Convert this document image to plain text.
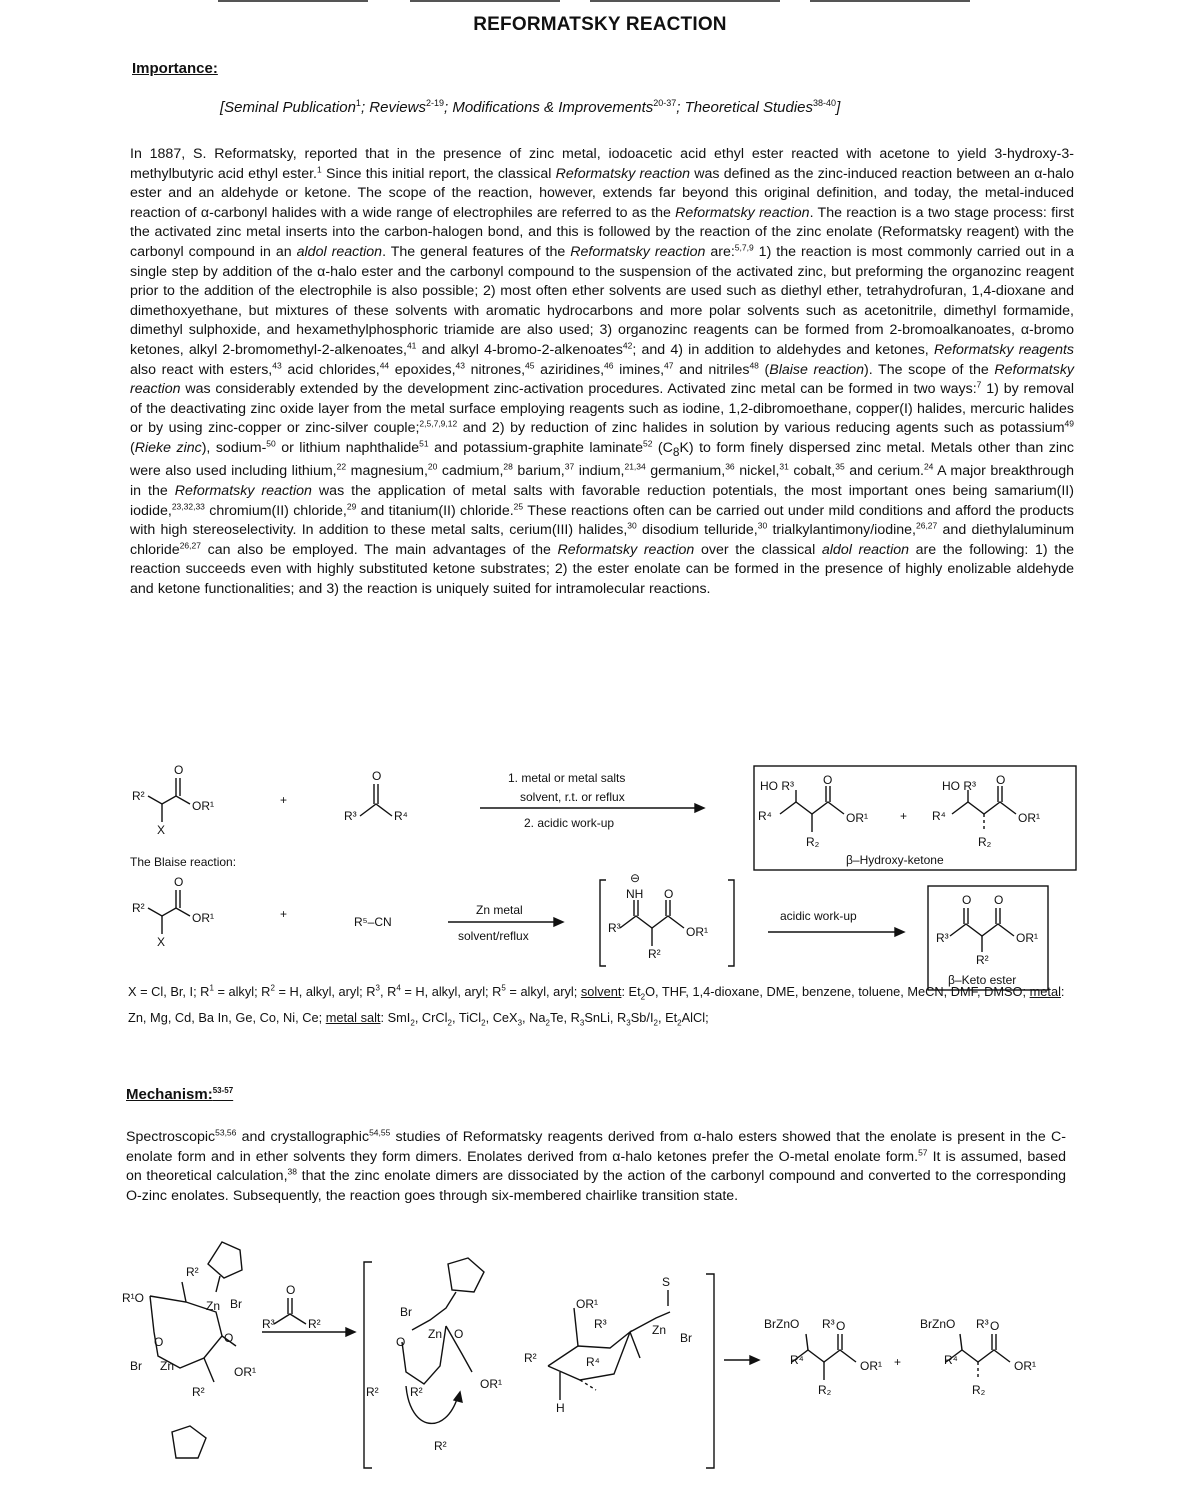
REFORMATSKY REACTION
Importance:
[Seminal Publication$^1$; Reviews$^{2-19}$; Modifications & Improvements$^{20-37}$; Theoretical Studies$^{38-40}$]
In 1887, S. Reformatsky, reported that in the presence of zinc metal, iodoacetic acid ethyl ester reacted with acetone to yield 3-hydroxy-3-methylbutyric acid ethyl ester.$^1$ Since this initial report, the classical Reformatsky reaction was defined as the zinc-induced reaction between an α-halo ester and an aldehyde or ketone. The scope of the reaction, however, extends far beyond this original definition, and today, the metal-induced reaction of α-carbonyl halides with a wide range of electrophiles are referred to as the Reformatsky reaction. The reaction is a two stage process: first the activated zinc metal inserts into the carbon-halogen bond, and this is followed by the reaction of the zinc enolate (Reformatsky reagent) with the carbonyl compound in an aldol reaction. The general features of the Reformatsky reaction are:$^{5,7,9}$ 1) the reaction is most commonly carried out in a single step by addition of the α-halo ester and the carbonyl compound to the suspension of the activated zinc, but preforming the organozinc reagent prior to the addition of the electrophile is also possible; 2) most often ether solvents are used such as diethyl ether, tetrahydrofuran, 1,4-dioxane and dimethoxyethane, but mixtures of these solvents with aromatic hydrocarbons and more polar solvents such as acetonitrile, dimethyl formamide, dimethyl sulphoxide, and hexamethylphosphoric triamide are also used; 3) organozinc reagents can be formed from 2-bromoalkanoates, α-bromo ketones, alkyl 2-bromomethyl-2-alkenoates,$^{41}$ and alkyl 4-bromo-2-alkenoates$^{42}$; and 4) in addition to aldehydes and ketones, Reformatsky reagents also react with esters,$^{43}$ acid chlorides,$^{44}$ epoxides,$^{43}$ nitrones,$^{45}$ aziridines,$^{46}$ imines,$^{47}$ and nitriles$^{48}$ (Blaise reaction). The scope of the Reformatsky reaction was considerably extended by the development zinc-activation procedures. Activated zinc metal can be formed in two ways:$^7$ 1) by removal of the deactivating zinc oxide layer from the metal surface employing reagents such as iodine, 1,2-dibromoethane, copper(I) halides, mercuric halides or by using zinc-copper or zinc-silver couple;$^{2,5,7,9,12}$ and 2) by reduction of zinc halides in solution by various reducing agents such as potassium$^{49}$ (Rieke zinc), sodium-$^{50}$ or lithium naphthalide$^{51}$ and potassium-graphite laminate$^{52}$ $(C_8K)$ to form finely dispersed zinc metal. Metals other than zinc were also used including lithium,$^{22}$ magnesium,$^{20}$ cadmium,$^{28}$ barium,$^{37}$ indium,$^{21,34}$ germanium,$^{36}$ nickel,$^{31}$ cobalt,$^{35}$ and cerium.$^{24}$ A major breakthrough in the Reformatsky reaction was the application of metal salts with favorable reduction potentials, the most important ones being samarium(II) iodide,$^{23,32,33}$ chromium(II) chloride,$^{29}$ and titanium(II) chloride.$^{25}$ These reactions often can be carried out under mild conditions and afford the products with high stereoselectivity. In addition to these metal salts, cerium(III) halides,$^{30}$ disodium telluride,$^{30}$ trialkylantimony/iodine,$^{26,27}$ and diethylaluminum chloride$^{26,27}$ can also be employed. The main advantages of the Reformatsky reaction over the classical aldol reaction are the following: 1) the reaction succeeds even with highly substituted ketone substrates; 2) the ester enolate can be formed in the presence of highly enolizable aldehyde and ketone functionalities; and 3) the reaction is uniquely suited for intramolecular reactions.
R²
O
OR¹
X
+
O
R³	R⁴
1. metal or metal salts
solvent, r.t. or reflux
2. acidic work-up
HO R³ O
R⁴	OR¹
R₂
+
HO R³ O
R⁴	OR¹
R₂
β–Hydroxy-ketone
The Blaise reaction:
R²
O
OR¹
X
+
R⁵–CN
Zn metal
solvent/reflux
⊖
NH O
R³	OR¹
R²
acidic work-up
O O
R³	OR¹
R²
β–Keto ester
X = Cl, Br, I; $R^1$ = alkyl; $R^2 = H$, alkyl, aryl; $R^3$, $R^4 = H$, alkyl, aryl; $R^5$ = alkyl, aryl; solvent: $Et_2O$, THF, 1,4-dioxane, DME, benzene, toluene, MeCN, DMF, DMSO; metal: Zn, Mg, Cd, Ba In, Ge, Co, Ni, Ce; metal salt: SmI$_2$, CrCl$_2$, TiCl$_2$, CeX$_3$, $Na_2Te$, $R_3SnLi$, $R_3Sb/I_2$, $Et_2AlCl$;
Mechanism:$^{53-57}$
Spectroscopic$^{53,56}$ and crystallographic$^{54,55}$ studies of Reformatsky reagents derived from α-halo esters showed that the enolate is present in the C-enolate form and in ether solvents they form dimers. Enolates derived from α-halo ketones prefer the O-metal enolate form.$^{57}$ It is assumed, based on theoretical calculation,$^{38}$ that the zinc enolate dimers are dissociated by the action of the carbonyl compound and converted to the corresponding O-zinc enolates. Subsequently, the reaction goes through six-membered chairlike transition state.
R²
R¹O
Zn Br
O
O
Br Zn	OR¹
R²
O
R³	R²
Br
Zn
O
O
R²	R²
OR¹
R²
OR¹
S
R³	Zn
Br
R²	R⁴
H
BrZnO R³ O
R⁴	OR¹
R₂
+
BrZnO R³ O
R⁴	OR¹
R₂
